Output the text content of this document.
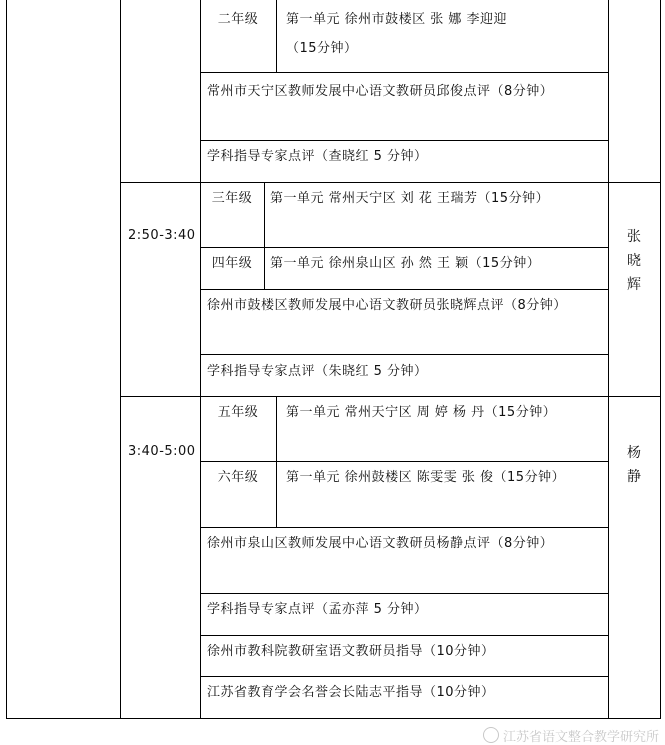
二年级	第一单元 徐州市鼓楼区 张 娜 李迎迎
（15分钟）
常州市天宁区教师发展中心语文教研员邱俊点评（8分钟）
学科指导专家点评（查晓红 5 分钟）
2:50-3:40	张晓辉
三年级	第一单元 常州天宁区 刘 花 王瑞芳（15分钟）
四年级	第一单元 徐州泉山区 孙 然 王 颖（15分钟）
徐州市鼓楼区教师发展中心语文教研员张晓辉点评（8分钟）
学科指导专家点评（朱晓红 5 分钟）
3:40-5:00	杨静
五年级	第一单元 常州天宁区 周 婷 杨 丹（15分钟）
六年级	第一单元 徐州鼓楼区 陈雯雯 张 俊（15分钟）
徐州市泉山区教师发展中心语文教研员杨静点评（8分钟）
学科指导专家点评（孟亦萍 5 分钟）
徐州市教科院教研室语文教研员指导（10分钟）
江苏省教育学会名誉会长陆志平指导（10分钟）
江苏省语文整合教学研究所
